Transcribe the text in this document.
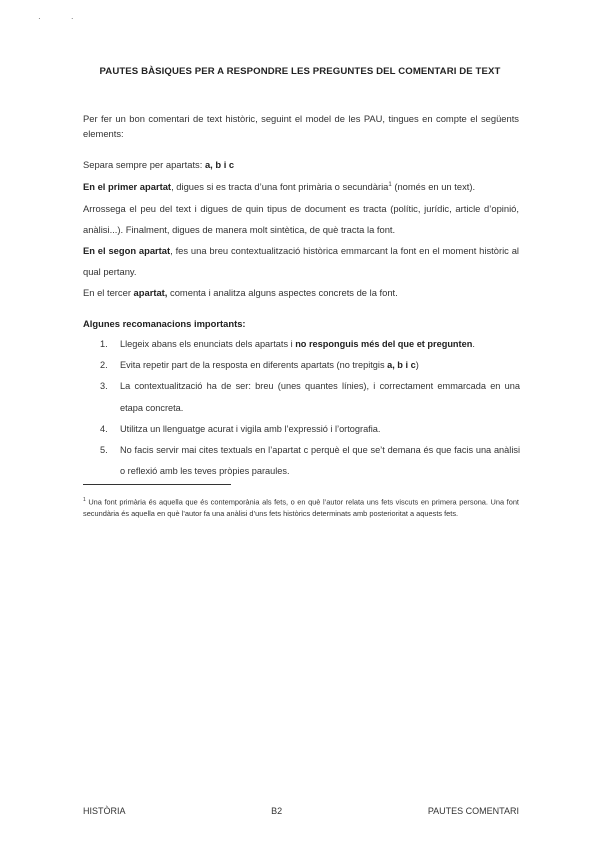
· ·
PAUTES BÀSIQUES PER A RESPONDRE LES PREGUNTES DEL COMENTARI DE TEXT
Per fer un bon comentari de text històric, seguint el model de les PAU, tingues en compte el següents elements:

Separa sempre per apartats: a, b i c

En el primer apartat, digues si es tracta d’una font primària o secundària$^1$ (només en un text).

Arrossega el peu del text i digues de quin tipus de document es tracta (polític, jurídic, article d’opinió, anàlisi...). Finalment, digues de manera molt sintètica, de què tracta la font.

En el segon apartat, fes una breu contextualització històrica emmarcant la font en el moment històric al qual pertany.

En el tercer apartat, comenta i analitza alguns aspectes concrets de la font.

Algunes recomanacions importants:
1.	Llegeix abans els enunciats dels apartats i no responguis més del que et pregunten.
2.	Evita repetir part de la resposta en diferents apartats (no trepitgis a, b i c)
3.	La contextualització ha de ser: breu (unes quantes línies), i correctament emmarcada en una etapa concreta.
4.	Utilitza un llenguatge acurat i vigila amb l’expressió i l’ortografia.
5.	No facis servir mai cites textuals en l’apartat c perquè el que se’t demana és que facis una anàlisi o reflexió amb les teves pròpies paraules.
$^1$ Una font primària és aquella que és contemporània als fets, o en què l’autor relata uns fets viscuts en primera persona. Una font secundària és aquella en què l’autor fa una anàlisi d’uns fets històrics determinats amb posterioritat a aquests fets.
HISTÒRIA	B2	PAUTES COMENTARI
